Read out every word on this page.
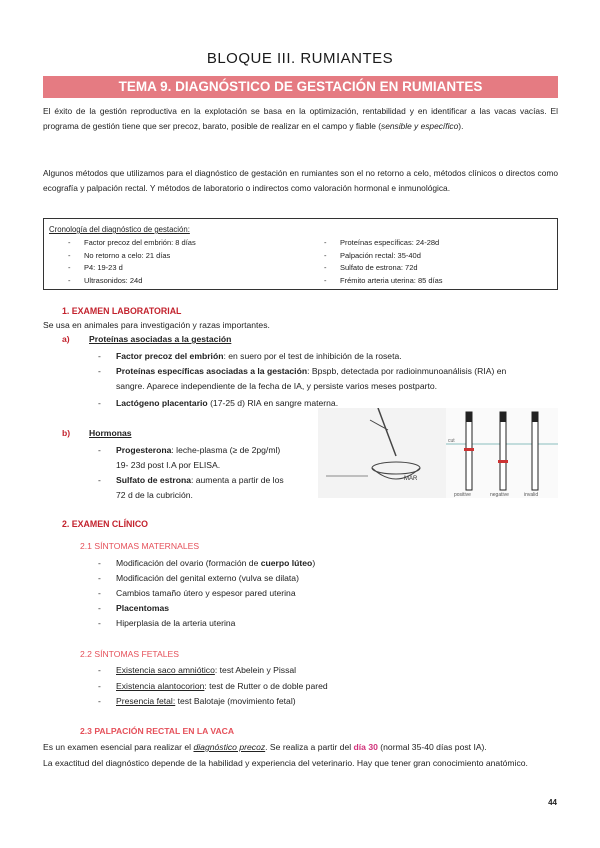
BLOQUE III. RUMIANTES
TEMA 9. DIAGNÓSTICO DE GESTACIÓN EN RUMIANTES
El éxito de la gestión reproductiva en la explotación se basa en la optimización, rentabilidad y en identificar a las vacas vacías. El programa de gestión tiene que ser precoz, barato, posible de realizar en el campo y fiable (sensible y específico).
Algunos métodos que utilizamos para el diagnóstico de gestación en rumiantes son el no retorno a celo, métodos clínicos o directos como ecografía y palpación rectal. Y métodos de laboratorio o indirectos como valoración hormonal e inmunológica.
Cronología del diagnóstico de gestación:
- Factor precoz del embrión: 8 días
- No retorno a celo: 21 días
- P4: 19-23 d
- Ultrasonidos: 24d
- Proteínas específicas: 24-28d
- Palpación rectal: 35-40d
- Sulfato de estrona: 72d
- Frémito arteria uterina: 85 días
1. EXAMEN LABORATORIAL
Se usa en animales para investigación y razas importantes.
a) Proteínas asociadas a la gestación
- Factor precoz del embrión: en suero por el test de inhibición de la roseta.
- Proteínas específicas asociadas a la gestación: Bpspb, detectada por radioinmunoanálisis (RIA) en
sangre. Aparece independiente de la fecha de IA, y persiste varios meses postparto.
- Lactógeno placentario (17-25 d) RIA en sangre materna.
b) Hormonas
- Progesterona: leche-plasma (≥ de 2pg/ml)
19- 23d post I.A por ELISA.
- Sulfato de estrona: aumenta a partir de los
72 d de la cubrición.
MAR
cut
positive	negative	invalid
2. EXAMEN CLÍNICO
2.1 SÍNTOMAS MATERNALES
- Modificación del ovario (formación de cuerpo lúteo)
- Modificación del genital externo (vulva se dilata)
- Cambios tamaño útero y espesor pared uterina
- Placentomas
- Hiperplasia de la arteria uterina
2.2 SÍNTOMAS FETALES
- Existencia saco amniótico: test Abelein y Pissal
- Existencia alantocorion: test de Rutter o de doble pared
- Presencia fetal: test Balotaje (movimiento fetal)
2.3 PALPACIÓN RECTAL EN LA VACA
Es un examen esencial para realizar el diagnóstico precoz. Se realiza a partir del día 30 (normal 35-40 días post IA).
La exactitud del diagnóstico depende de la habilidad y experiencia del veterinario. Hay que tener gran conocimiento anatómico.
44
